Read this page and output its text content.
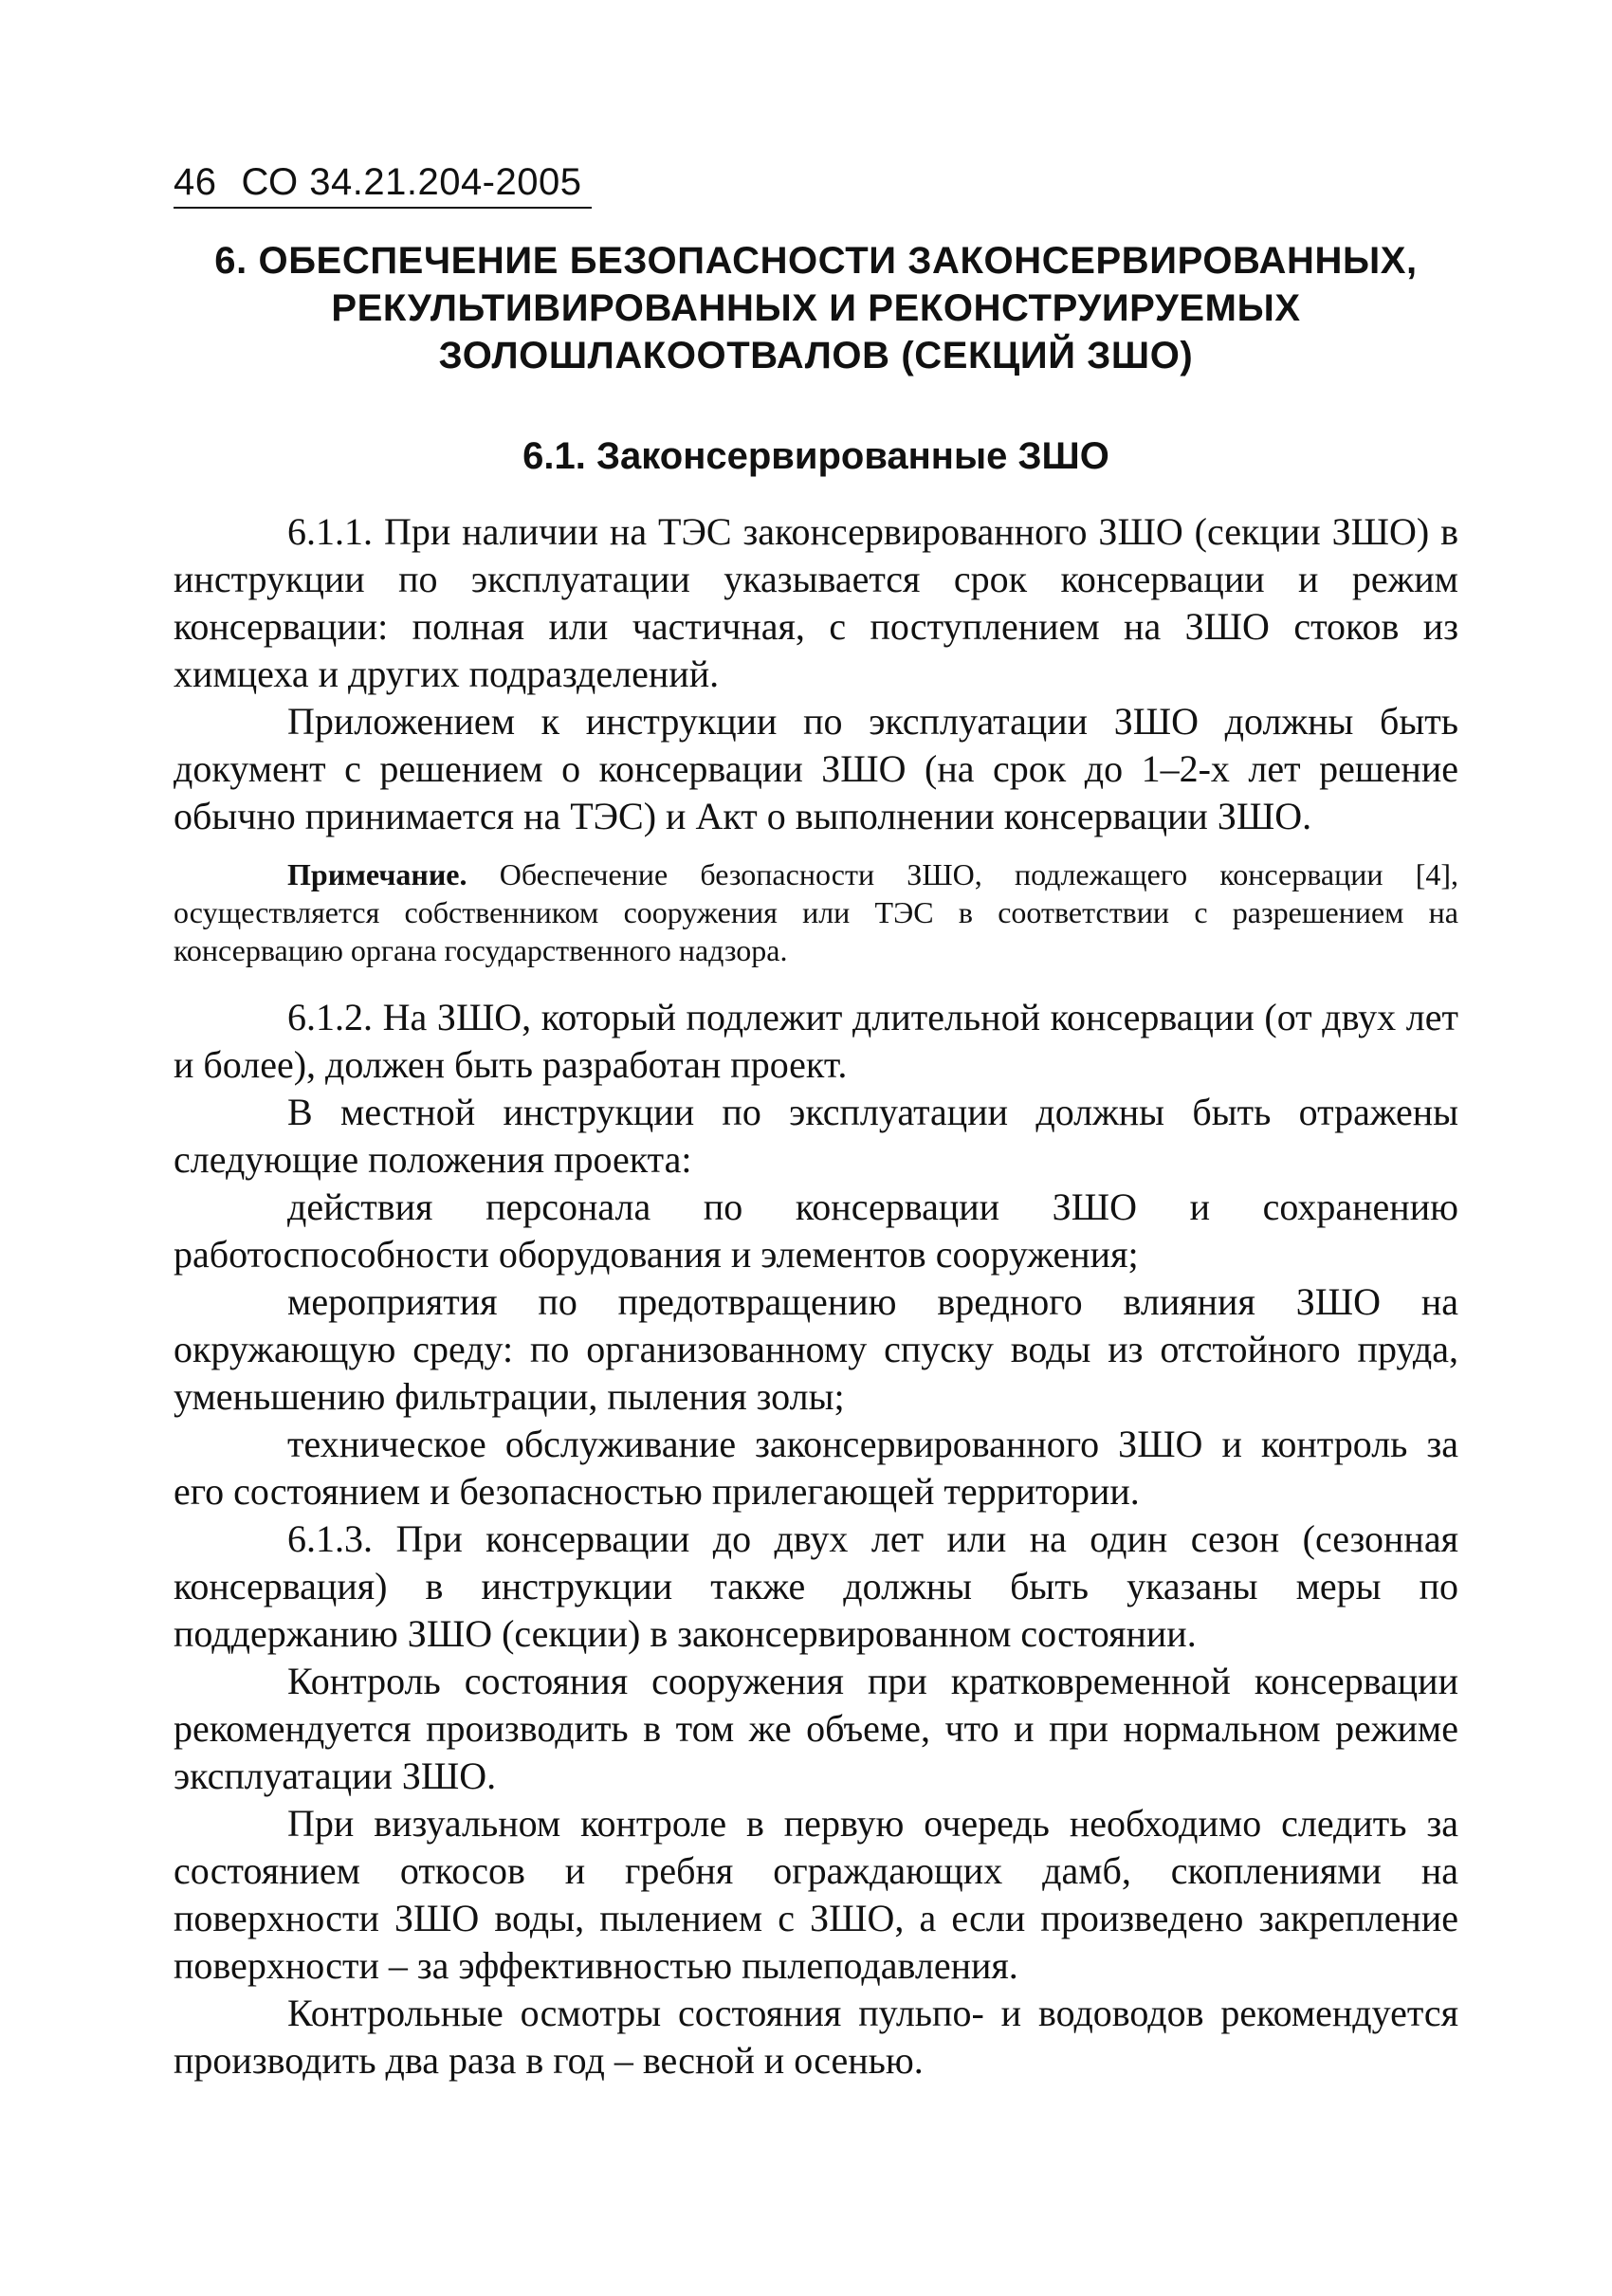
46 СО 34.21.204-2005
6. ОБЕСПЕЧЕНИЕ БЕЗОПАСНОСТИ ЗАКОНСЕРВИРОВАННЫХ,
РЕКУЛЬТИВИРОВАННЫХ И РЕКОНСТРУИРУЕМЫХ
ЗОЛОШЛАКООТВАЛОВ (СЕКЦИЙ ЗШО)
6.1. Законсервированные ЗШО

6.1.1. При наличии на ТЭС законсервированного ЗШО (секции ЗШО) в инструкции по эксплуатации указывается срок консервации и режим консервации: полная или частичная, с поступлением на ЗШО стоков из химцеха и других подразделений.

Приложением к инструкции по эксплуатации ЗШО должны быть документ с решением о консервации ЗШО (на срок до 1–2-х лет решение обычно принимается на ТЭС) и Акт о выполнении консервации ЗШО.

Примечание. Обеспечение безопасности ЗШО, подлежащего консервации [4], осуществляется собственником сооружения или ТЭС в соответствии с разрешением на консервацию органа государственного надзора.

6.1.2. На ЗШО, который подлежит длительной консервации (от двух лет и более), должен быть разработан проект.

В местной инструкции по эксплуатации должны быть отражены следующие положения проекта:

действия персонала по консервации ЗШО и сохранению работоспособности оборудования и элементов сооружения;

мероприятия по предотвращению вредного влияния ЗШО на окружающую среду: по организованному спуску воды из отстойного пруда, уменьшению фильтрации, пыления золы;

техническое обслуживание законсервированного ЗШО и контроль за его состоянием и безопасностью прилегающей территории.

6.1.3. При консервации до двух лет или на один сезон (сезонная консервация) в инструкции также должны быть указаны меры по поддержанию ЗШО (секции) в законсервированном состоянии.

Контроль состояния сооружения при кратковременной консервации рекомендуется производить в том же объеме, что и при нормальном режиме эксплуатации ЗШО.

При визуальном контроле в первую очередь необходимо следить за состоянием откосов и гребня ограждающих дамб, скоплениями на поверхности ЗШО воды, пылением с ЗШО, а если произведено закрепление поверхности – за эффективностью пылеподавления.

Контрольные осмотры состояния пульпо- и водоводов рекомендуется производить два раза в год – весной и осенью.
